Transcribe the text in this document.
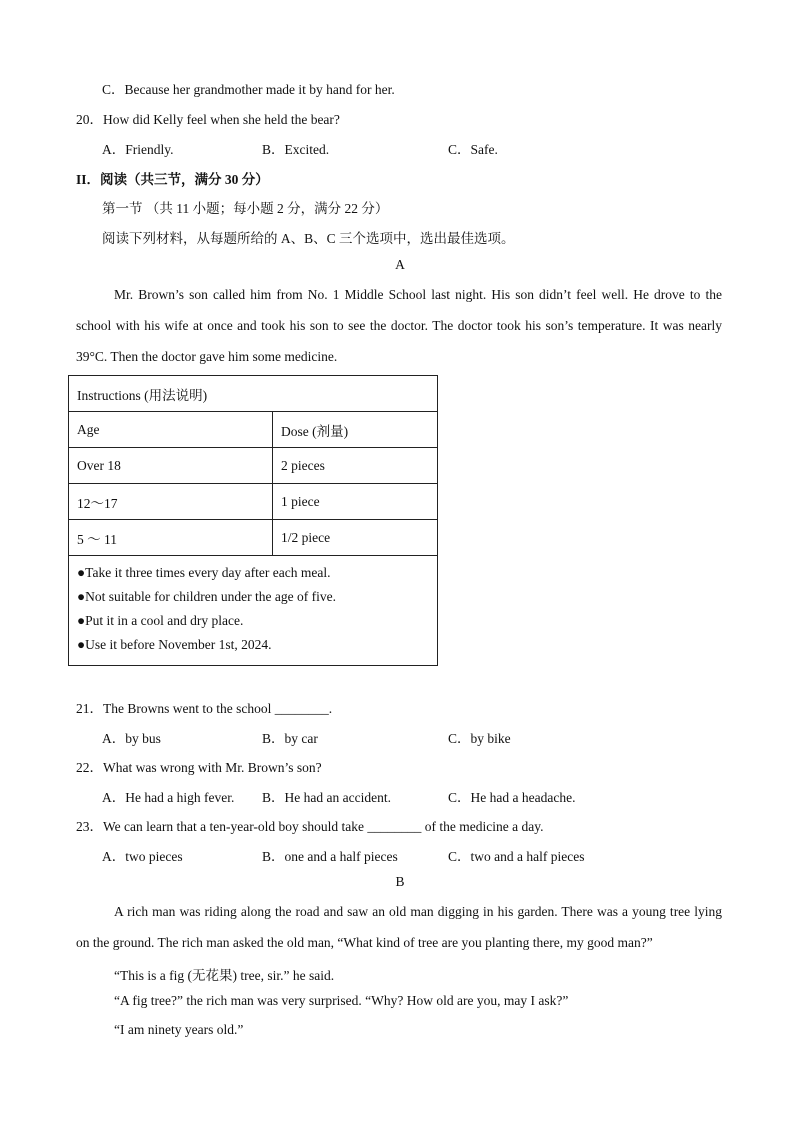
C．Because her grandmother made it by hand for her.
20．How did Kelly feel when she held the bear?
A．Friendly.	B．Excited.	C．Safe.
II．阅读（共三节，满分 30 分）
第一节 （共 11 小题；每小题 2 分，满分 22 分）
阅读下列材料，从每题所给的 A、B、C 三个选项中，选出最佳选项。
A
Mr. Brown’s son called him from No. 1 Middle School last night. His son didn’t feel well. He drove to the school with his wife at once and took his son to see the doctor. The doctor took his son’s temperature. It was nearly 39°C. Then the doctor gave him some medicine.
Instructions (用法说明)	
Age	Dose (剂量)
Over 18	2 pieces
12～17	1 piece
5 ～ 11	1/2 piece

●Take it three times every day after each meal.
●Not suitable for children under the age of five.
●Put it in a cool and dry place.
●Use it before November 1st, 2024.	
21．The Browns went to the school ________.
A．by bus	B．by car	C．by bike
22．What was wrong with Mr. Brown’s son?
A．He had a high fever. B．He had an accident.	C．He had a headache.
23．We can learn that a ten-year-old boy should take ________ of the medicine a day.
A．two pieces	B．one and a half pieces	C．two and a half pieces
B
A rich man was riding along the road and saw an old man digging in his garden. There was a young tree lying on the ground. The rich man asked the old man, “What kind of tree are you planting there, my good man?”
“This is a fig (无花果) tree, sir.” he said.
“A fig tree?” the rich man was very surprised. “Why? How old are you, may I ask?”
“I am ninety years old.”
